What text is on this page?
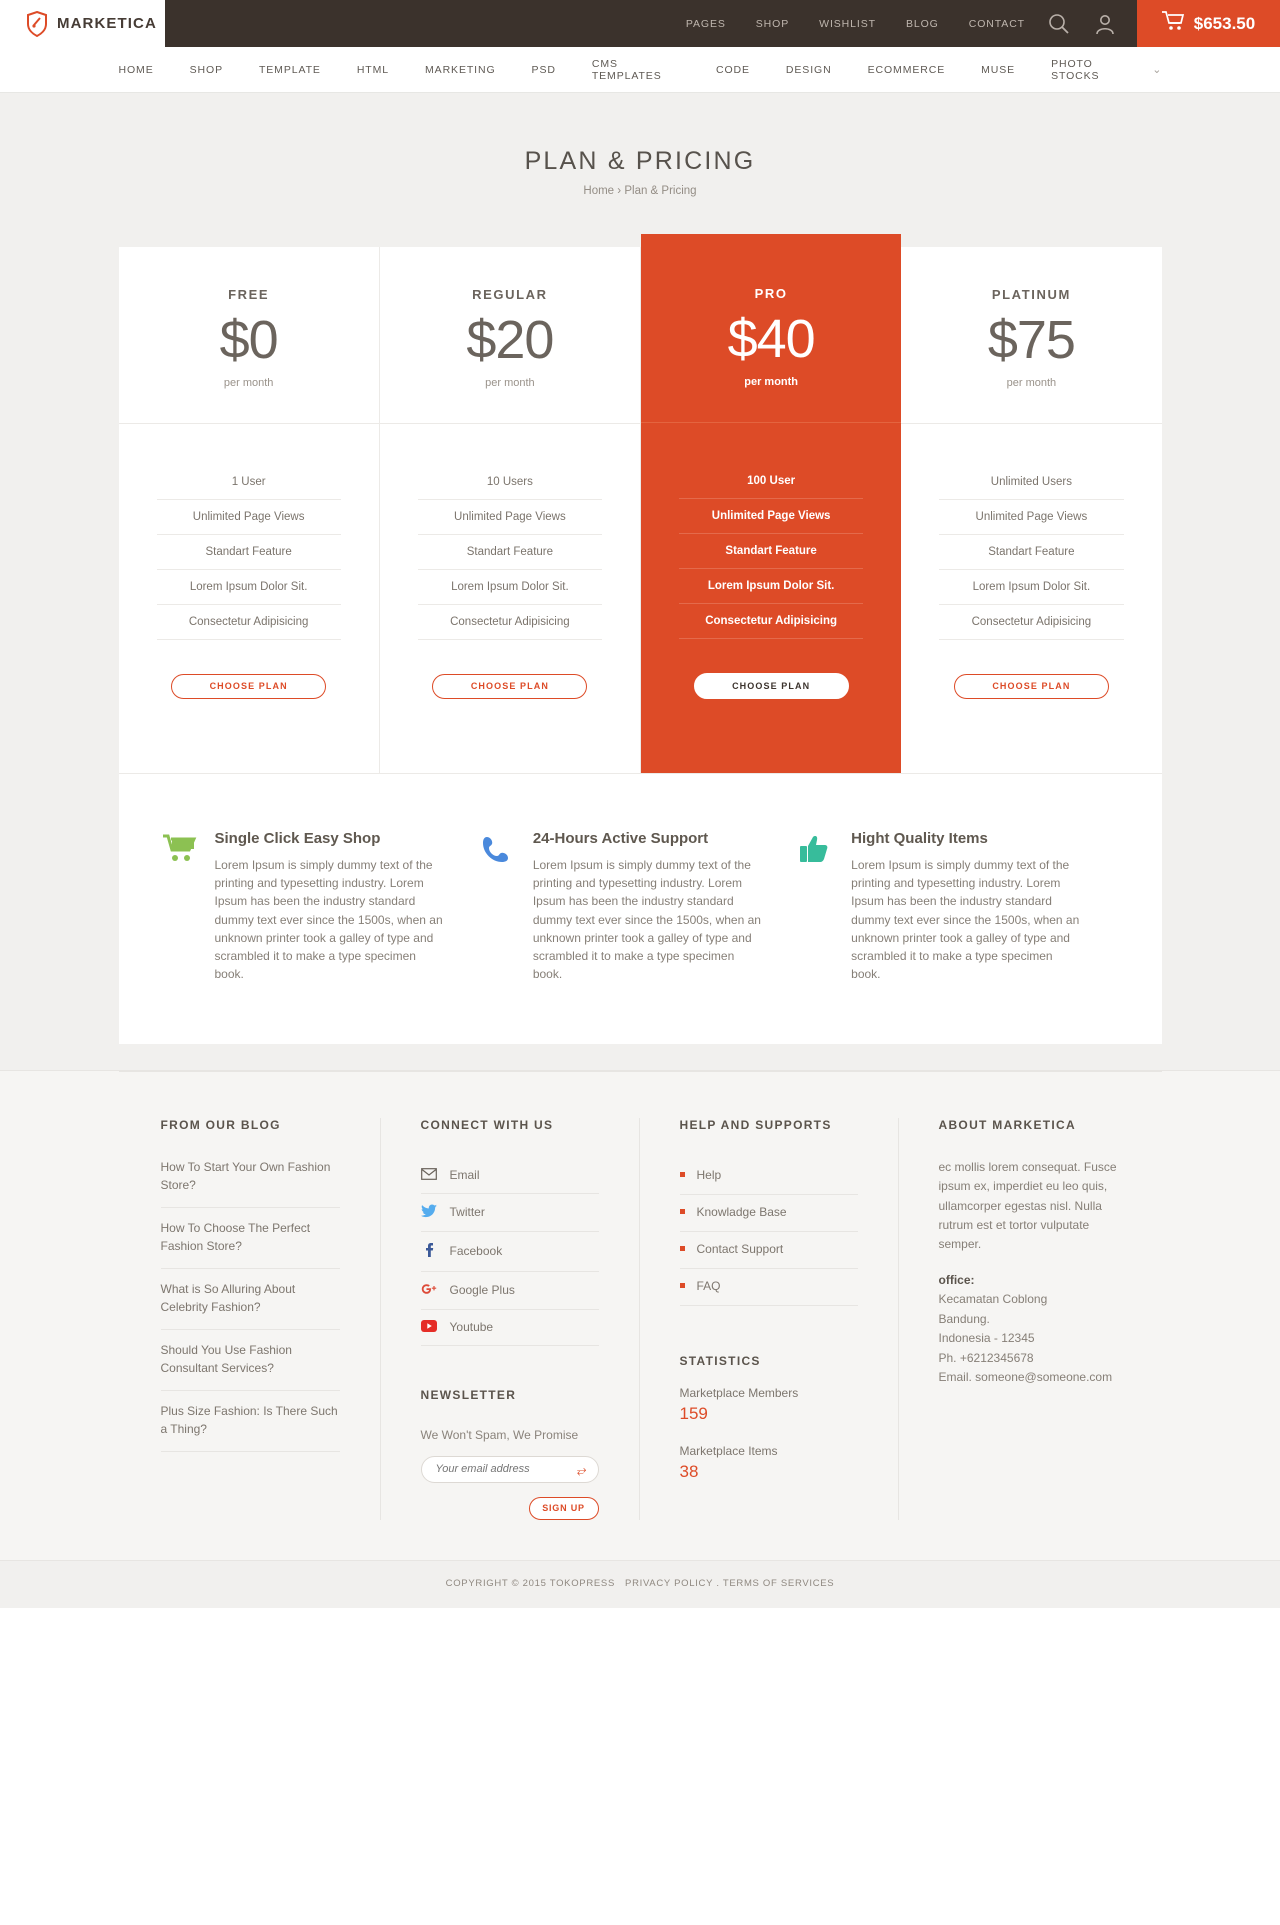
MARKETICA	PAGES	SHOP	WISHLIST	BLOG	CONTACT	$653.50
HOME	SHOP	TEMPLATE	HTML	MARKETING	PSD	CMS TEMPLATES	CODE	DESIGN	ECOMMERCE	MUSE	PHOTO STOCKS	⌄
PLAN & PRICING
Home › Plan & Pricing
FREE
$0
per month
1 User
Unlimited Page Views
Standart Feature
Lorem Ipsum Dolor Sit.
Consectetur Adipisicing
CHOOSE PLAN
REGULAR
$20
per month
10 Users
Unlimited Page Views
Standart Feature
Lorem Ipsum Dolor Sit.
Consectetur Adipisicing
CHOOSE PLAN
PRO
$40
per month
100 User
Unlimited Page Views
Standart Feature
Lorem Ipsum Dolor Sit.
Consectetur Adipisicing
CHOOSE PLAN
PLATINUM
$75
per month
Unlimited Users
Unlimited Page Views
Standart Feature
Lorem Ipsum Dolor Sit.
Consectetur Adipisicing
CHOOSE PLAN
Single Click Easy Shop

Lorem Ipsum is simply dummy text of the printing and typesetting industry. Lorem Ipsum has been the industry standard dummy text ever since the 1500s, when an unknown printer took a galley of type and scrambled it to make a type specimen book.

24-Hours Active Support

Lorem Ipsum is simply dummy text of the printing and typesetting industry. Lorem Ipsum has been the industry standard dummy text ever since the 1500s, when an unknown printer took a galley of type and scrambled it to make a type specimen book.

Hight Quality Items

Lorem Ipsum is simply dummy text of the printing and typesetting industry. Lorem Ipsum has been the industry standard dummy text ever since the 1500s, when an unknown printer took a galley of type and scrambled it to make a type specimen book.

FROM OUR BLOG
How To Start Your Own Fashion Store?
How To Choose The Perfect Fashion Store?
What is So Alluring About Celebrity Fashion?
Should You Use Fashion Consultant Services?
Plus Size Fashion: Is There Such a Thing?
CONNECT WITH US
Email
Twitter
Facebook
Google Plus
Youtube
NEWSLETTER
We Won't Spam, We Promise
Your email address
⥂
SIGN UP
HELP AND SUPPORTS
Help
Knowladge Base
Contact Support
FAQ
STATISTICS
Marketplace Members
159
Marketplace Items
38
ABOUT MARKETICA

ec mollis lorem consequat. Fusce ipsum ex, imperdiet eu leo quis, ullamcorper egestas nisl. Nulla rutrum est et tortor vulputate semper.

office:
Kecamatan Coblong
Bandung.
Indonesia - 12345
Ph. +6212345678
Email. someone@someone.com
COPYRIGHT © 2015 TOKOPRESS PRIVACY POLICY . TERMS OF SERVICES
